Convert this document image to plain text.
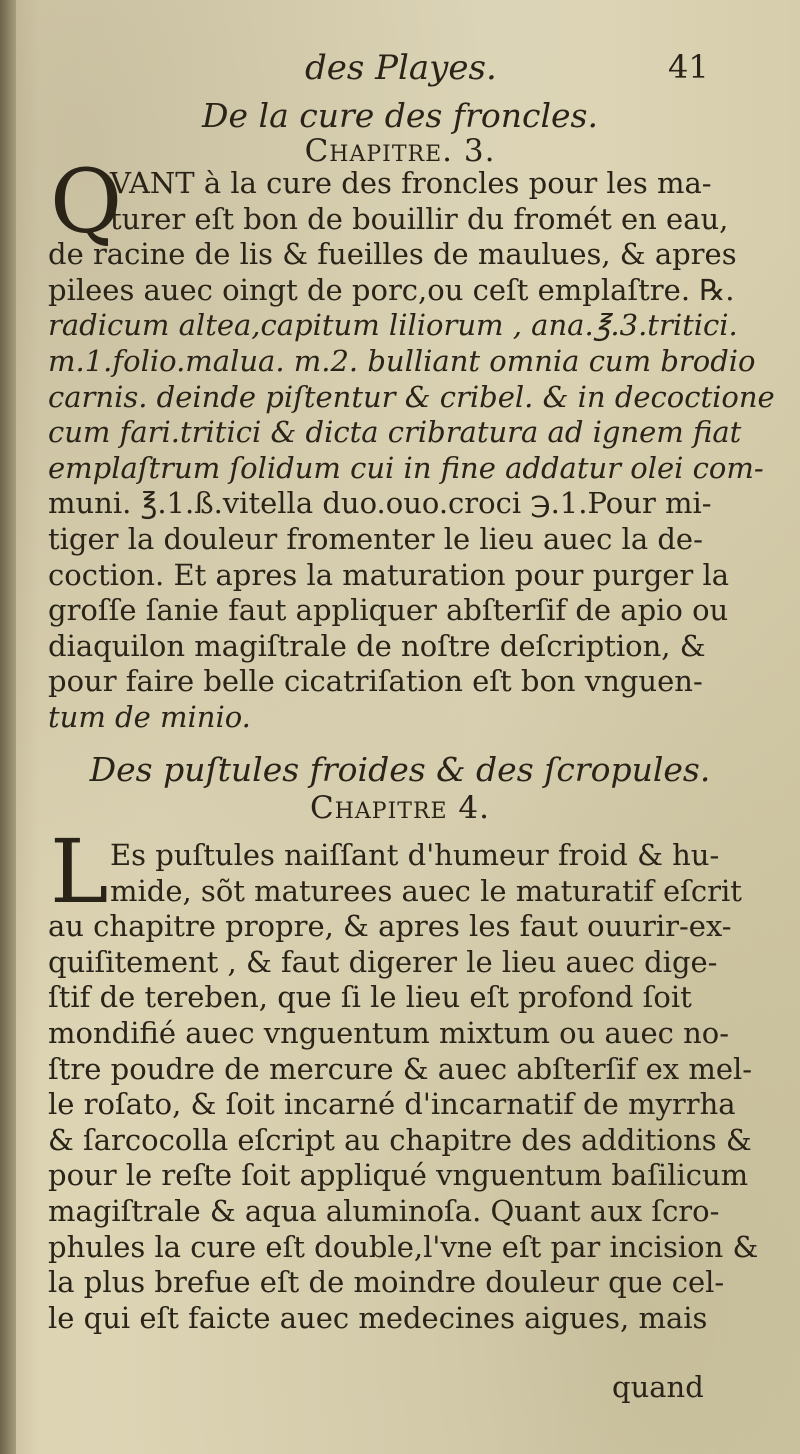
des Playes.	41
De la cure des froncles.
Chapitre. 3.
Q
VANT à la cure des froncles pour les ma-
turer eſt bon de bouillir du fromét en eau,
de racine de lis & fueilles de maulues, & apres
pilees auec oingt de porc,ou ceſt emplaſtre. ℞.
radicum altea,capitum liliorum , ana.℥.3.tritici.
m.1.folio.malua. m.2. bulliant omnia cum brodio
carnis. deinde piſtentur & cribel. & in decoctione
cum fari.tritici & dicta cribratura ad ignem fiat
emplaſtrum ſolidum cui in fine addatur olei com-
muni. ℥.1.ß.vitella duo.ouo.croci ℈.1.Pour mi-
tiger la douleur fromenter le lieu auec la de-
coction. Et apres la maturation pour purger la
groſſe ſanie faut appliquer abſterſif de apio ou
diaquilon magiſtrale de noſtre deſcription, &
pour faire belle cicatriſation eſt bon vnguen-
tum de minio.
Des puſtules froides & des ſcropules.
Chapitre 4.
L Es puſtules naiſſant d'humeur froid & hu-
mide, sõt maturees auec le maturatif eſcrit
au chapitre propre, & apres les faut ouurir-ex-
quiſitement , & faut digerer le lieu auec dige-
ſtif de tereben, que ſi le lieu eſt profond ſoit
mondifié auec vnguentum mixtum ou auec no-
ſtre poudre de mercure & auec abſterſif ex mel-
le roſato, & ſoit incarné d'incarnatif de myrrha
& ſarcocolla eſcript au chapitre des additions &
pour le reſte ſoit appliqué vnguentum baſilicum
magiſtrale & aqua aluminoſa. Quant aux ſcro-
phules la cure eſt double,l'vne eſt par incision &
la plus brefue eſt de moindre douleur que cel-
le qui eſt faicte auec medecines aigues, mais
quand
